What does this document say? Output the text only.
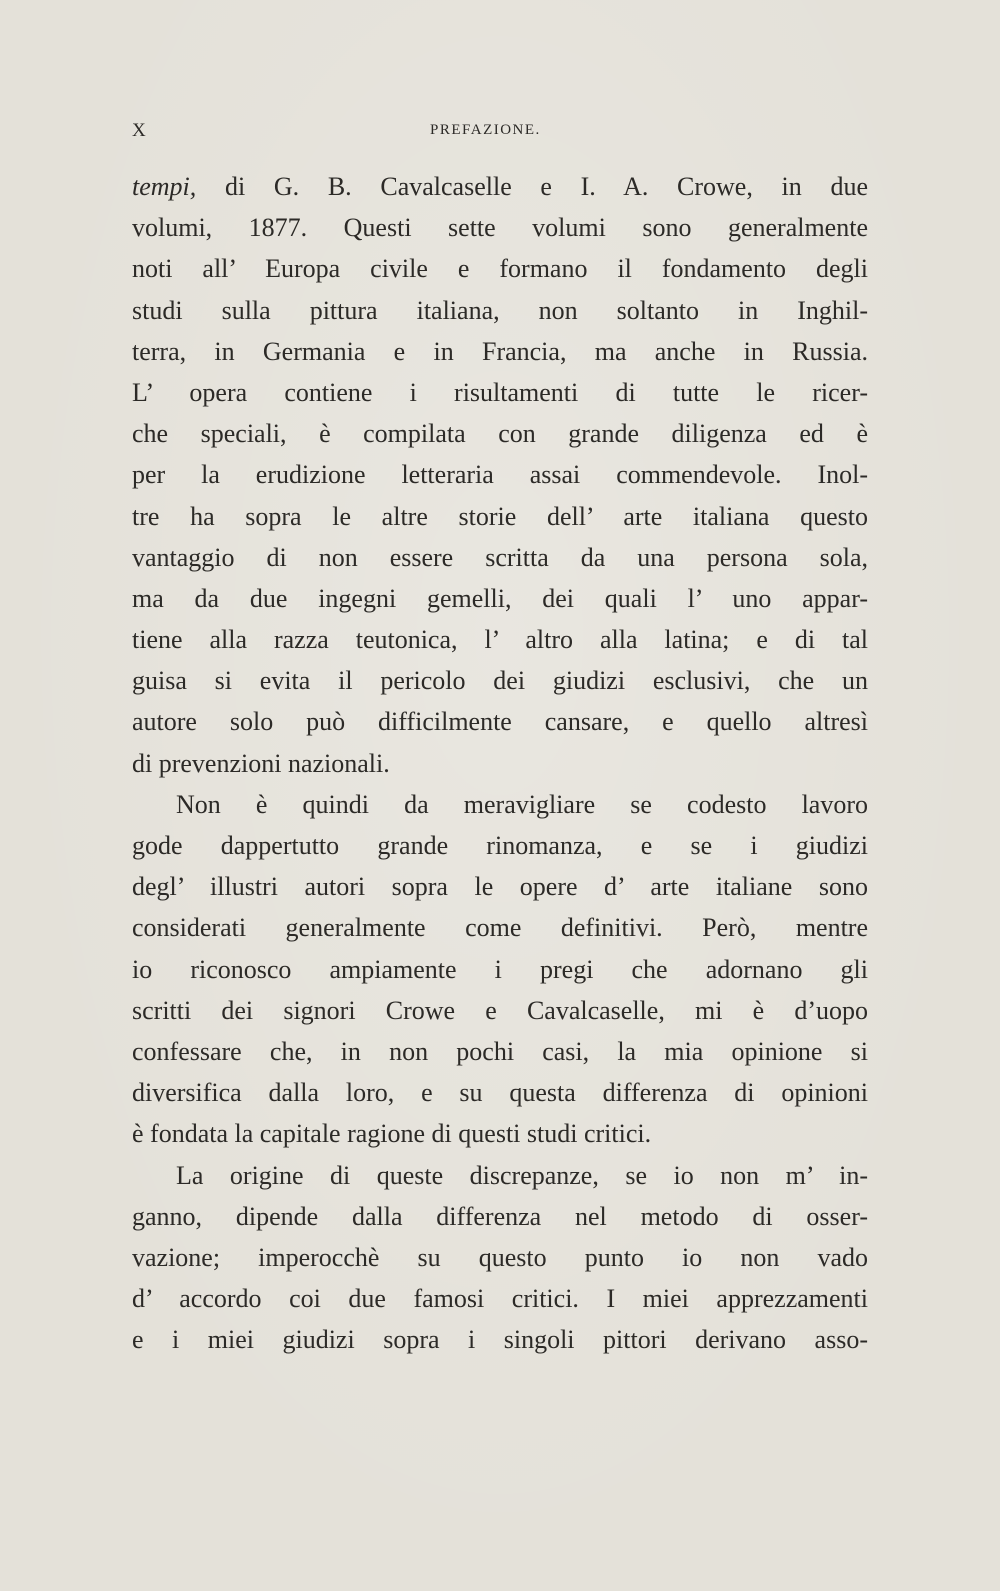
X	PREFAZIONE.
tempi, di G. B. Cavalcaselle e I. A. Crowe, in due
volumi, 1877. Questi sette volumi sono generalmente
noti all’ Europa civile e formano il fondamento degli
studi sulla pittura italiana, non soltanto in Inghil-
terra, in Germania e in Francia, ma anche in Russia.
L’ opera contiene i risultamenti di tutte le ricer-
che speciali, è compilata con grande diligenza ed è
per la erudizione letteraria assai commendevole. Inol-
tre ha sopra le altre storie dell’ arte italiana questo
vantaggio di non essere scritta da una persona sola,
ma da due ingegni gemelli, dei quali l’ uno appar-
tiene alla razza teutonica, l’ altro alla latina; e di tal
guisa si evita il pericolo dei giudizi esclusivi, che un
autore solo può difficilmente cansare, e quello altresì
di prevenzioni nazionali.
Non è quindi da meravigliare se codesto lavoro
gode dappertutto grande rinomanza, e se i giudizi
degl’ illustri autori sopra le opere d’ arte italiane sono
considerati generalmente come definitivi. Però, mentre
io riconosco ampiamente i pregi che adornano gli
scritti dei signori Crowe e Cavalcaselle, mi è d’uopo
confessare che, in non pochi casi, la mia opinione si
diversifica dalla loro, e su questa differenza di opinioni
è fondata la capitale ragione di questi studi critici.
La origine di queste discrepanze, se io non m’ in-
ganno, dipende dalla differenza nel metodo di osser-
vazione; imperocchè su questo punto io non vado
d’ accordo coi due famosi critici. I miei apprezzamenti
e i miei giudizi sopra i singoli pittori derivano asso-
